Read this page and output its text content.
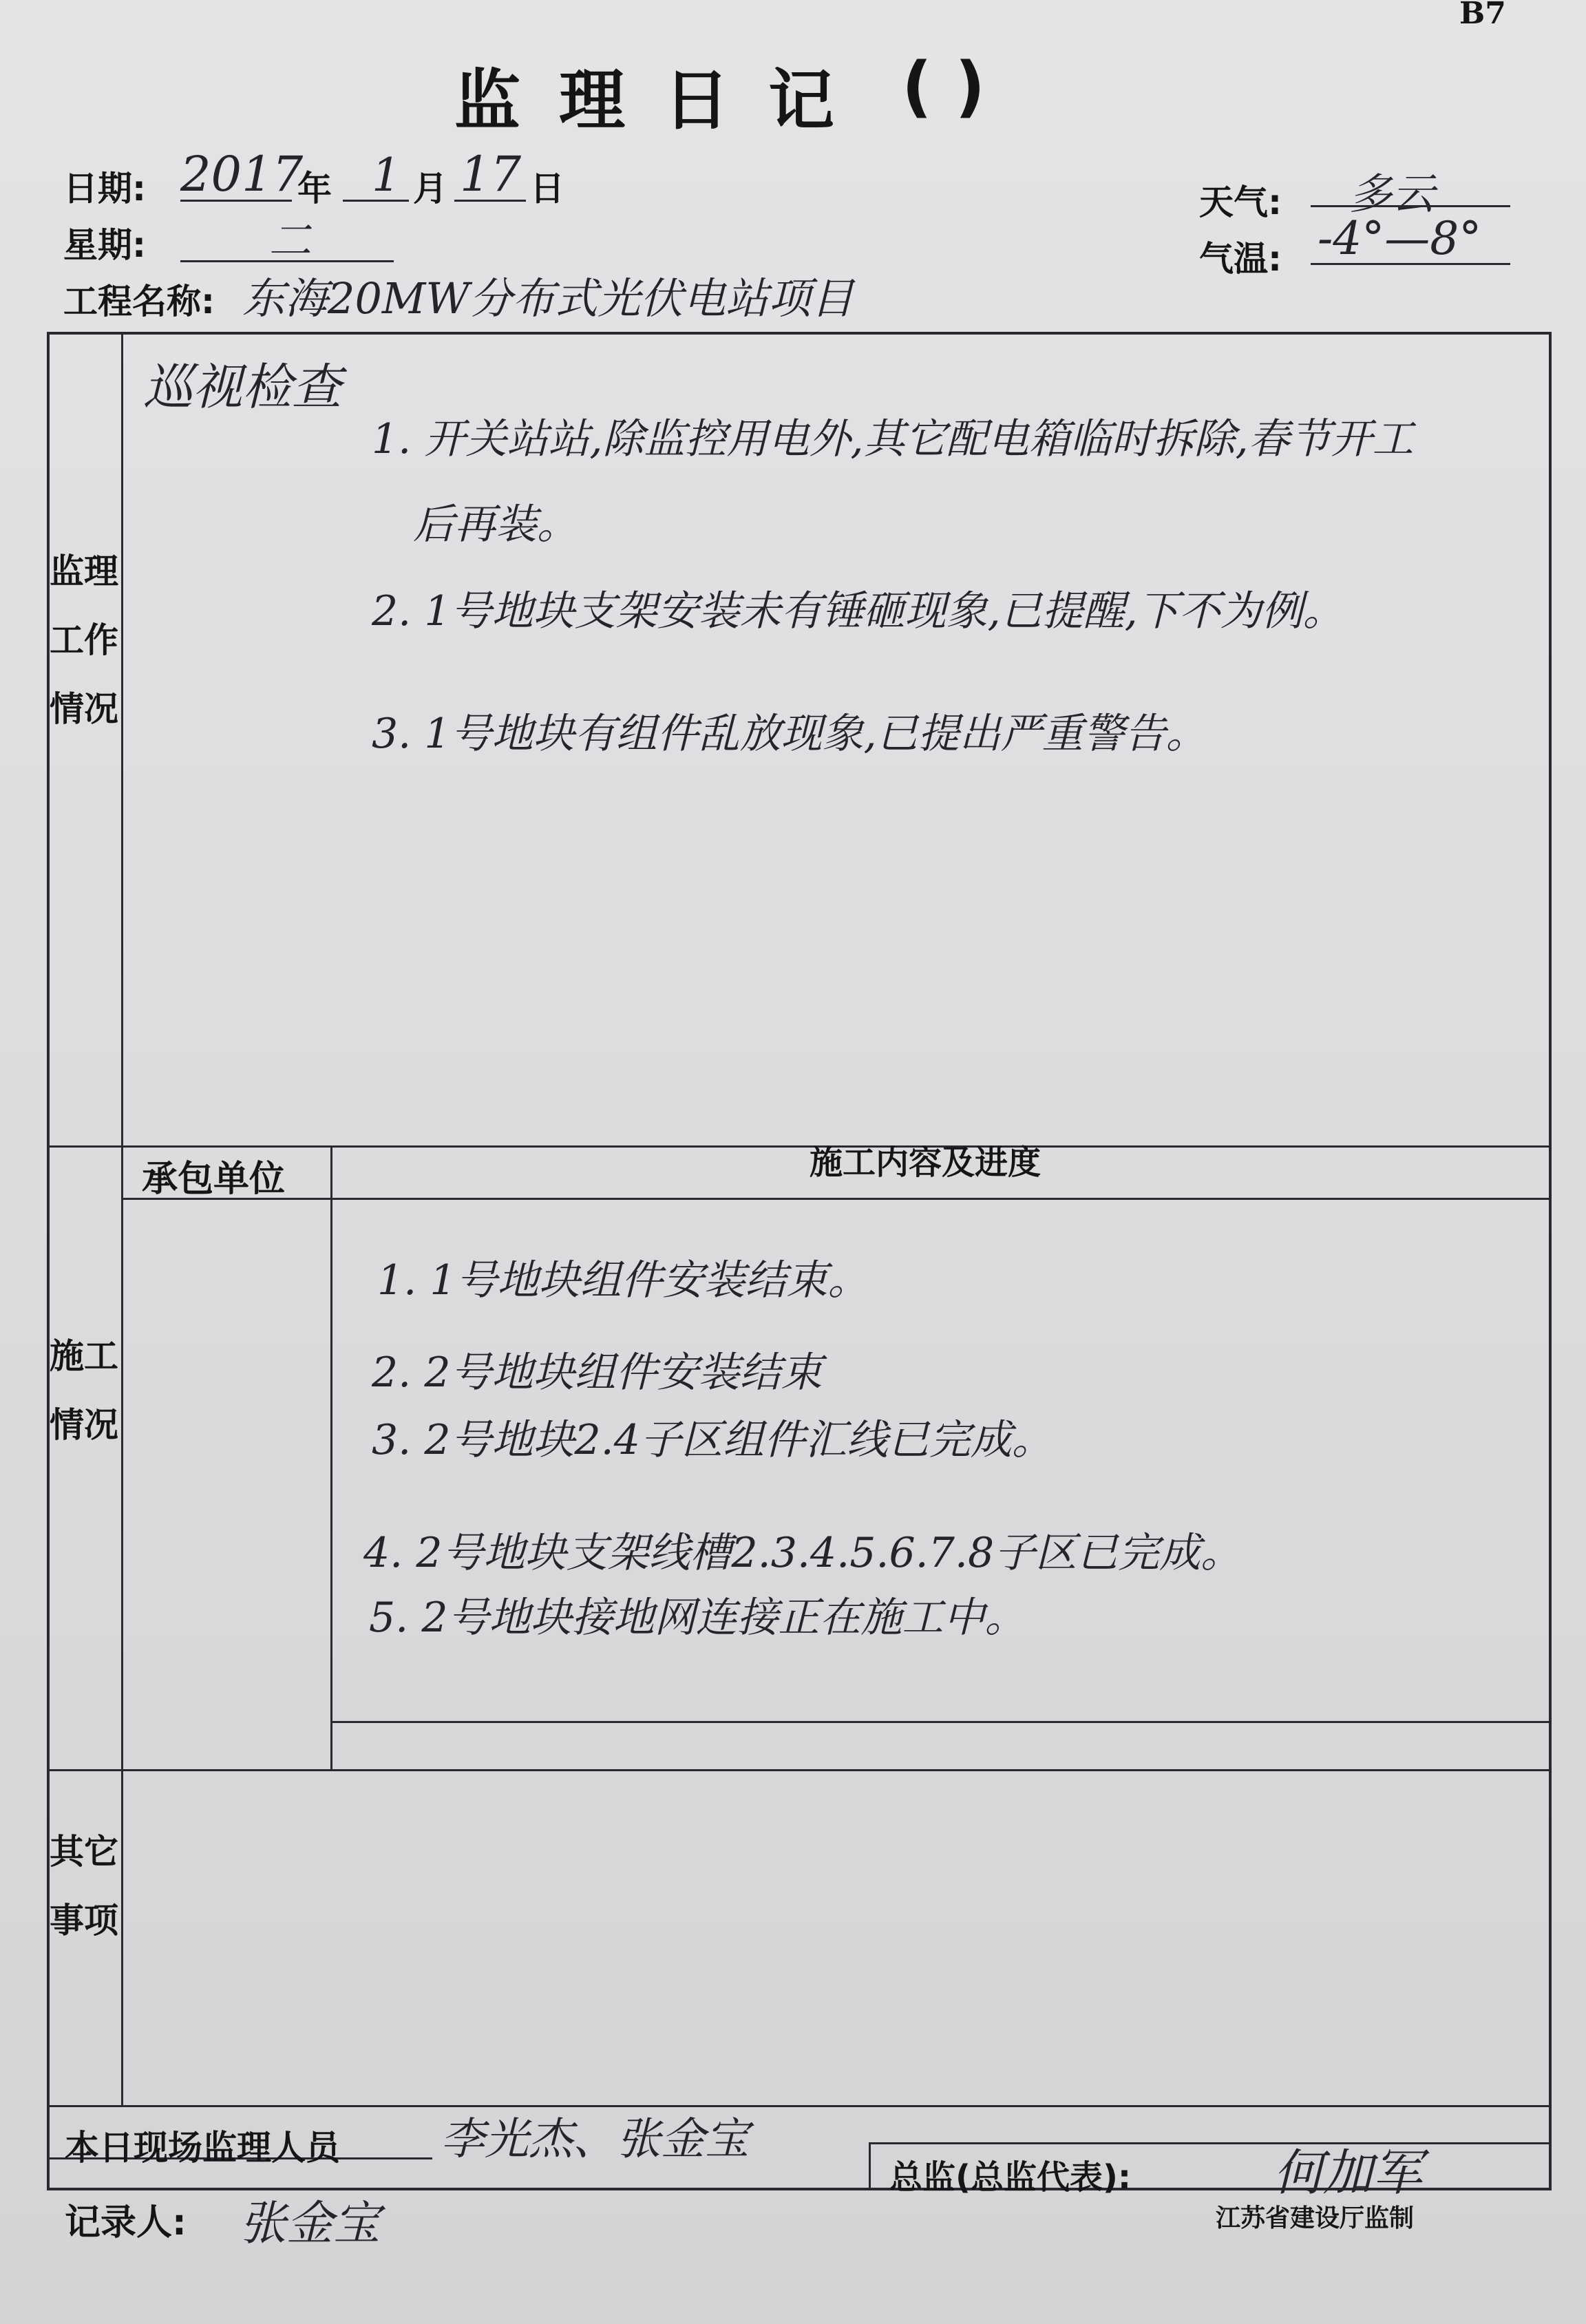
B7
监理日记 ( )
日期: 2017
年 1 月 17 日
星期:	二
工程名称: 东海20MW分布式光伏电站项目
天气: 多云
气温: -4°—8°
监理工作情况
巡视检查
1. 开关站站,除监控用电外,其它配电箱临时拆除,春节开工
后再装。
2. 1号地块支架安装未有锤砸现象,已提醒,下不为例。
3. 1号地块有组件乱放现象,已提出严重警告。
施工情况
承包单位	施工内容及进度
1. 1号地块组件安装结束。
2. 2号地块组件安装结束
3. 2号地块2.4子区组件汇线已完成。
4. 2号地块支架线槽2.3.4.5.6.7.8子区已完成。
5. 2号地块接地网连接正在施工中。
其它事项
本日现场监理人员 李光杰、张金宝
记录人: 张金宝
总监(总监代表):	何加军
江苏省建设厅监制
